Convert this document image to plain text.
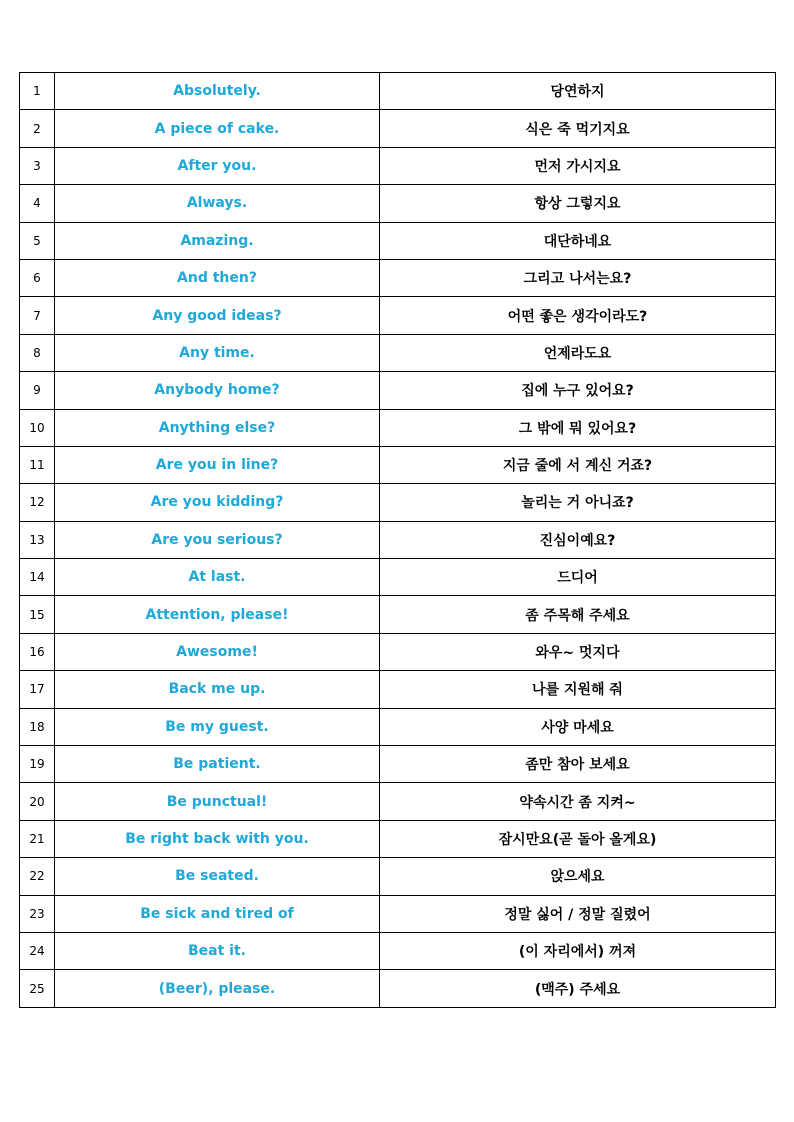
1	Absolutely.	당연하지
2	A piece of cake.	식은 죽 먹기지요
3	After you.	먼저 가시지요
4	Always.	항상 그렇지요
5	Amazing.	대단하네요
6	And then?	그리고 나서는요?
7	Any good ideas?	어떤 좋은 생각이라도?
8	Any time.	언제라도요
9	Anybody home?	집에 누구 있어요?
10	Anything else?	그 밖에 뭐 있어요?
11	Are you in line?	지금 줄에 서 계신 거죠?
12	Are you kidding?	놀리는 거 아니죠?
13	Are you serious?	진심이예요?
14	At last.	드디어
15	Attention, please!	좀 주목해 주세요
16	Awesome!	와우~ 멋지다
17	Back me up.	나를 지원해 줘
18	Be my guest.	사양 마세요
19	Be patient.	좀만 참아 보세요
20	Be punctual!	약속시간 좀 지켜~
21	Be right back with you.	잠시만요(곧 돌아 올게요)
22	Be seated.	앉으세요
23	Be sick and tired of	정말 싫어 / 정말 질렸어
24	Beat it.	(이 자리에서) 꺼져
25	(Beer), please.	(맥주) 주세요
